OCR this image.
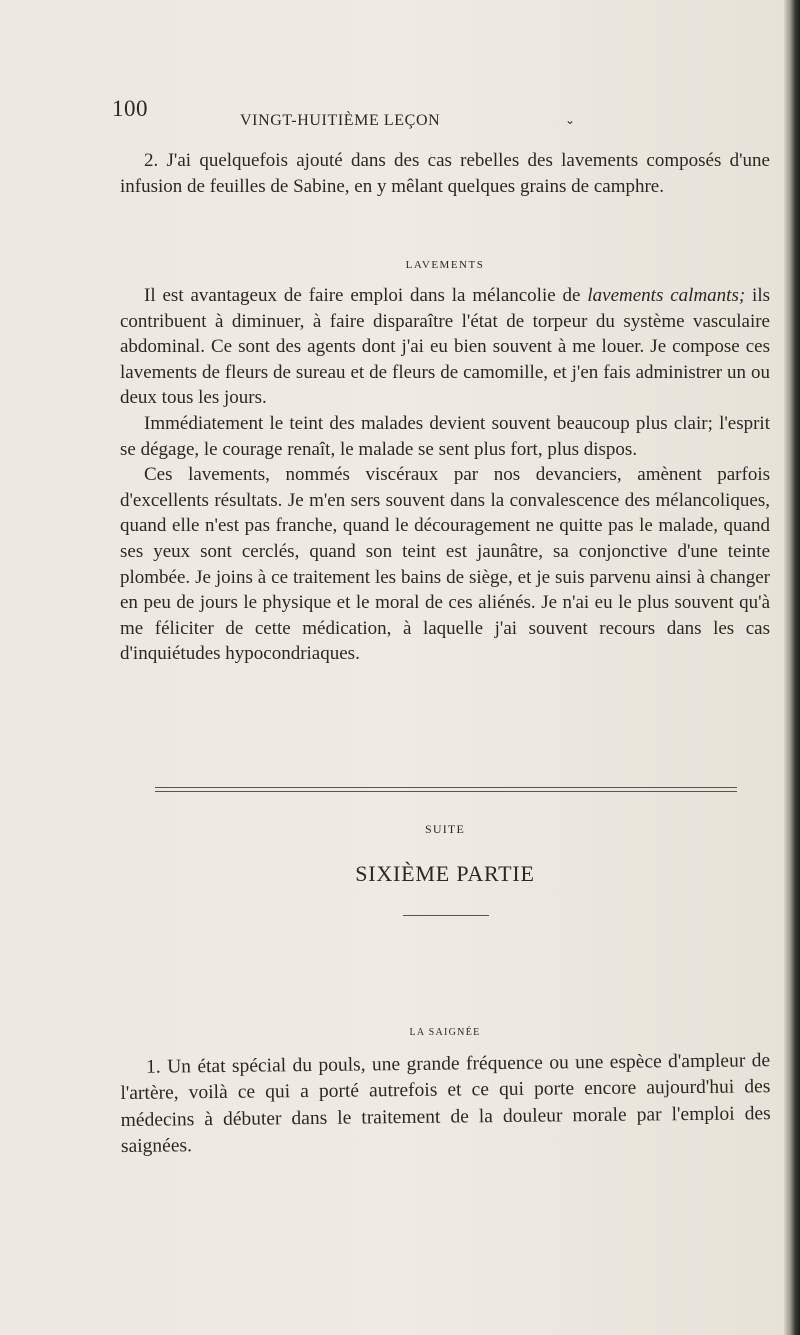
100	VINGT-HUITIÈME LEÇON	⌄

2. J'ai quelquefois ajouté dans des cas rebelles des lavements composés d'une infusion de feuilles de Sabine, en y mêlant quelques grains de camphre.

LAVEMENTS

Il est avantageux de faire emploi dans la mélancolie de lavements calmants; ils contribuent à diminuer, à faire disparaître l'état de torpeur du système vasculaire abdominal. Ce sont des agents dont j'ai eu bien souvent à me louer. Je compose ces lavements de fleurs de sureau et de fleurs de camomille, et j'en fais administrer un ou deux tous les jours.

Immédiatement le teint des malades devient souvent beaucoup plus clair; l'esprit se dégage, le courage renaît, le malade se sent plus fort, plus dispos.

Ces lavements, nommés viscéraux par nos devanciers, amènent parfois d'excellents résultats. Je m'en sers souvent dans la convalescence des mélancoliques, quand elle n'est pas franche, quand le découragement ne quitte pas le malade, quand ses yeux sont cerclés, quand son teint est jaunâtre, sa conjonctive d'une teinte plombée. Je joins à ce traitement les bains de siège, et je suis parvenu ainsi à changer en peu de jours le physique et le moral de ces aliénés. Je n'ai eu le plus souvent qu'à me féliciter de cette médication, à laquelle j'ai souvent recours dans les cas d'inquiétudes hypocondriaques.

SUITE
SIXIÈME PARTIE
LA SAIGNÉE

1. Un état spécial du pouls, une grande fréquence ou une espèce d'ampleur de l'artère, voilà ce qui a porté autrefois et ce qui porte encore aujourd'hui des médecins à débuter dans le traitement de la douleur morale par l'emploi des saignées.
